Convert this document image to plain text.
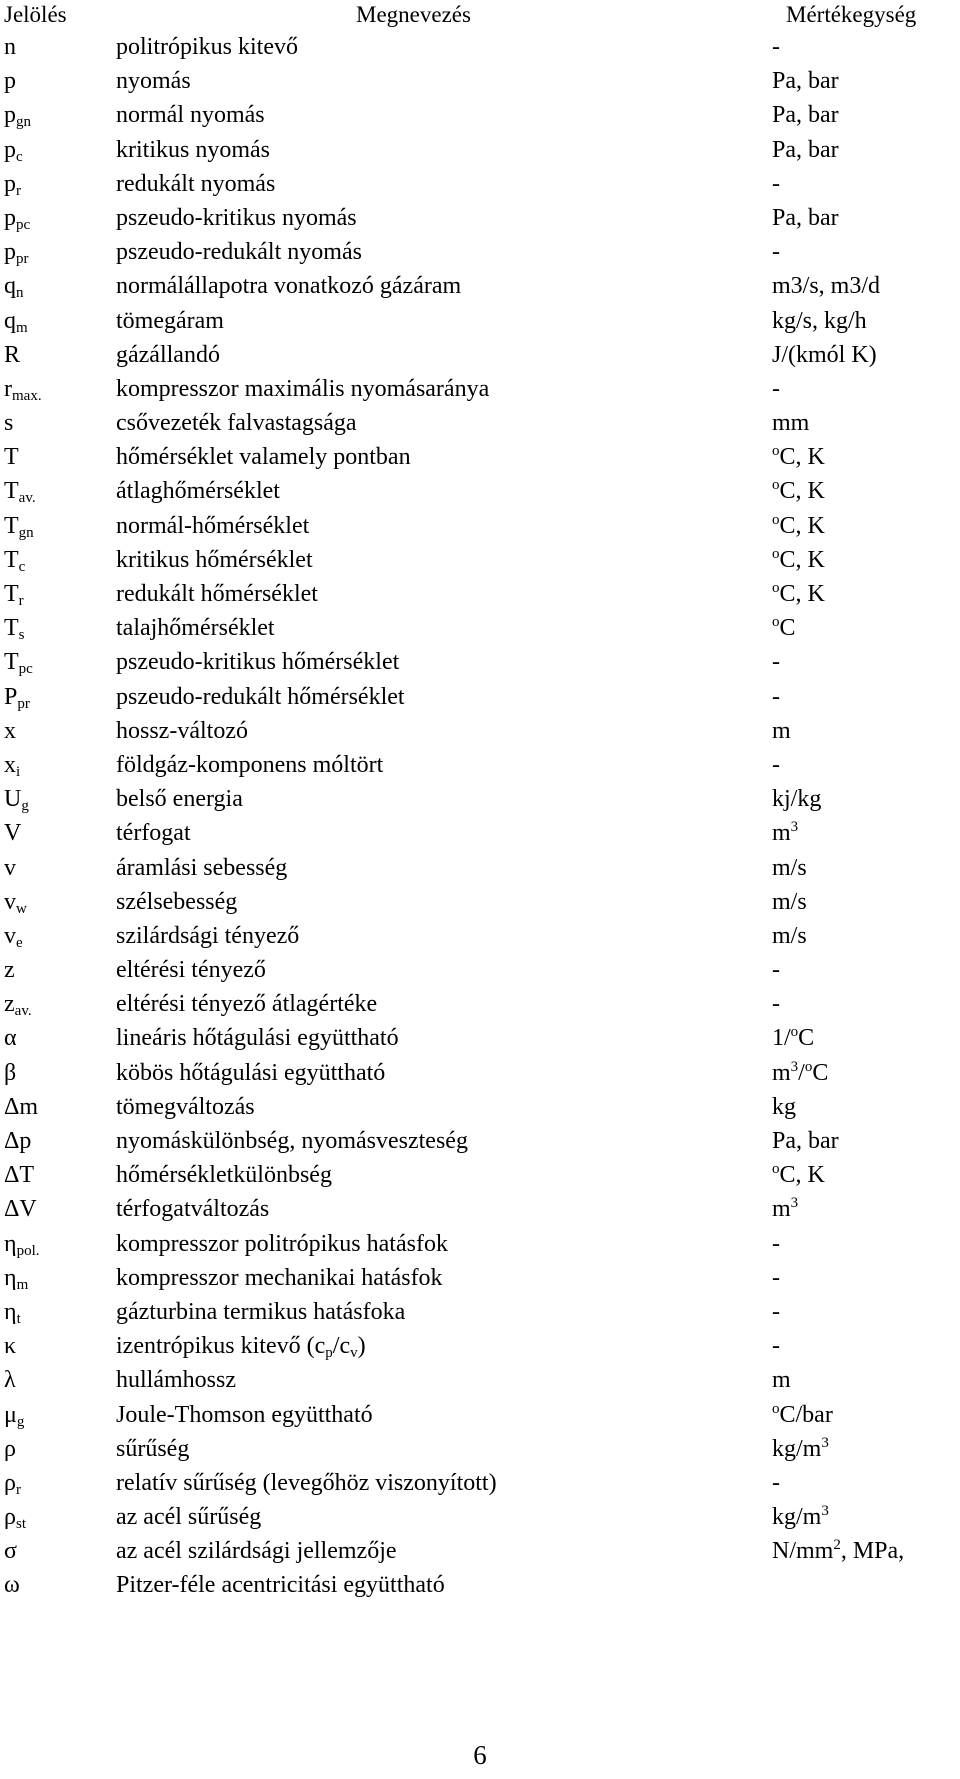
Jelölés	Megnevezés	Mértékegység
n	politrópikus kitevő	-
p	nyomás	Pa, bar
$p_{gn}$	normál nyomás	Pa, bar
$p_c$	kritikus nyomás	Pa, bar
$p_r$	redukált nyomás	-
$p_{pc}$	pszeudo-kritikus nyomás	Pa, bar
$p_{pr}$	pszeudo-redukált nyomás	-
$q_n$	normálállapotra vonatkozó gázáram	m3/s, m3/d
$q_m$	tömegáram	kg/s, kg/h
R	gázállandó	J/(kmól K)
$r_{max.}$	kompresszor maximális nyomásaránya	-
s	csővezeték falvastagsága	mm
T	hőmérséklet valamely pontban	$^o$C, K
$T_{av.}$	átlaghőmérséklet	$^o$C, K
$T_{gn}$	normál-hőmérséklet	$^o$C, K
$T_c$	kritikus hőmérséklet	$^o$C, K
$T_r$	redukált hőmérséklet	$^o$C, K
$T_s$	talajhőmérséklet	$^o$C
$T_{pc}$	pszeudo-kritikus hőmérséklet	-
$P_{pr}$	pszeudo-redukált hőmérséklet	-
x	hossz-változó	m
$x_i$	földgáz-komponens móltört	-
$U_g$	belső energia	kj/kg
V	térfogat	$m^3$
v	áramlási sebesség	m/s
$v_w$	szélsebesség	m/s
$v_e$	szilárdsági tényező	m/s
z	eltérési tényező	-
$z_{av.}$	eltérési tényező átlagértéke	-
α	lineáris hőtágulási együttható	1/$^o$C
β	köbös hőtágulási együttható	$m^3/^oC$
Δm	tömegváltozás	kg
Δp	nyomáskülönbség, nyomásveszteség	Pa, bar
ΔT	hőmérsékletkülönbség	$^o$C, K
ΔV	térfogatváltozás	$m^3$
$\eta_{pol.}$	kompresszor politrópikus hatásfok	-
$\eta_m$	kompresszor mechanikai hatásfok	-
$\eta_t$	gázturbina termikus hatásfoka	-
κ	izentrópikus kitevő $(c_p/c_v)$	-
λ	hullámhossz	m
$\mu_g$	Joule-Thomson együttható	$^o$C/bar
ρ	sűrűség	$kg/m^3$
$\rho_r$	relatív sűrűség (levegőhöz viszonyított)	-
$\rho_{st}$	az acél sűrűség	$kg/m^3$
σ	az acél szilárdsági jellemzője	$N/mm^2$, MPa,
ω	Pitzer-féle acentricitási együttható
6
